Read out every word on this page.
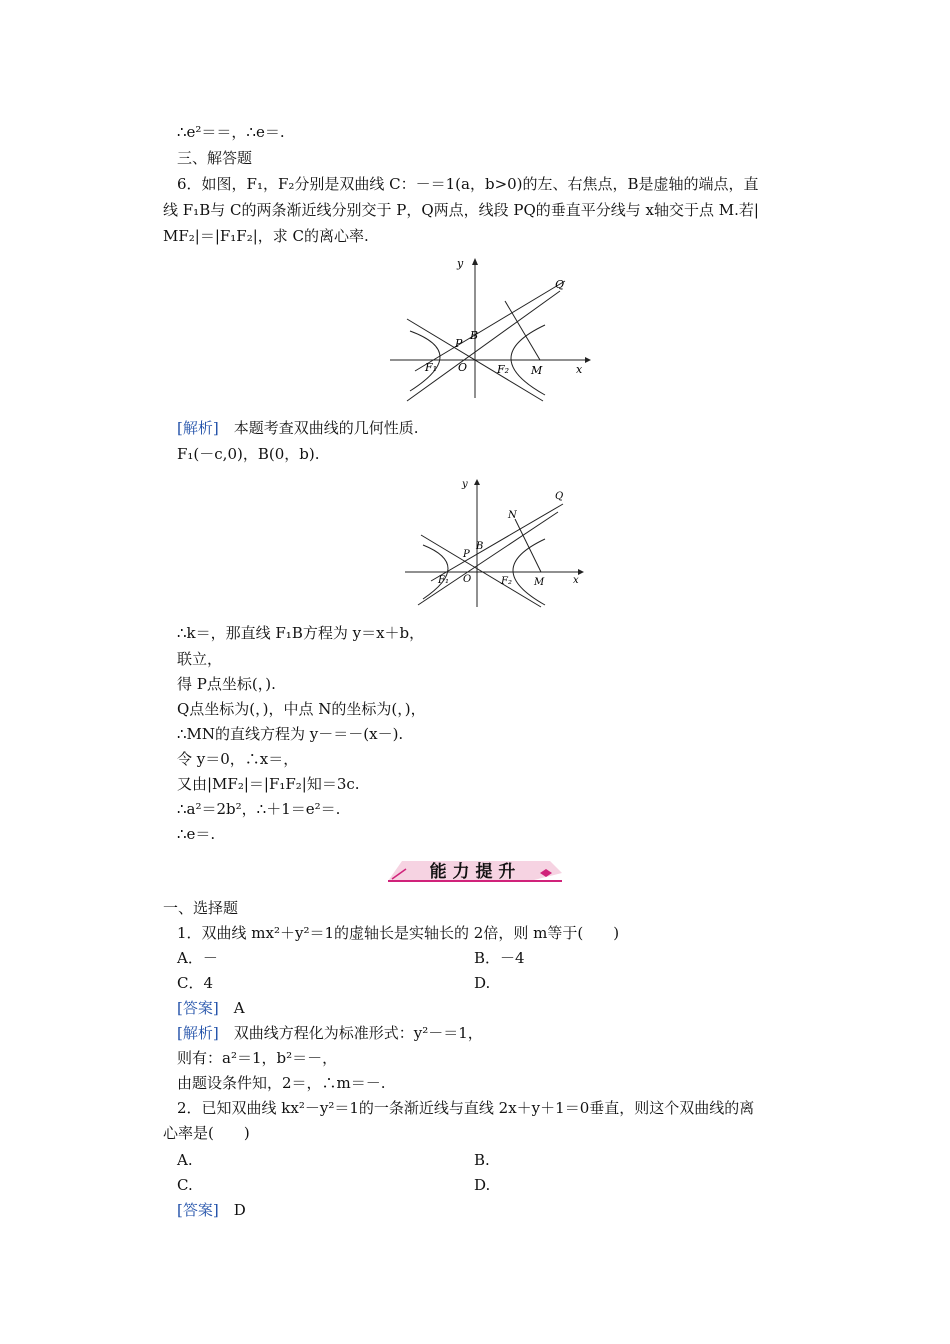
∴e²＝＝，∴e＝.
三、解答题
6．如图，F₁，F₂分别是双曲线 C：－＝1(a，b>0)的左、右焦点，B是虚轴的端点，直
线 F₁B与 C的两条渐近线分别交于 P，Q两点，线段 PQ的垂直平分线与 x轴交于点 M.若|
MF₂|＝|F₁F₂|，求 C的离心率.
y
x
Q
B
P
F₁ O	F₂ M
[解析]　本题考查双曲线的几何性质.
F₁(－c,0)，B(0，b).
y
x
Q
N
B
P
F₁ O	F₂ M
∴k＝，那直线 F₁B方程为 y＝x＋b，
联立，
得 P点坐标(，).
Q点坐标为(，)，中点 N的坐标为(，)，
∴MN的直线方程为 y－＝－(x－).
令 y＝0，∴x＝，
又由|MF₂|＝|F₁F₂|知＝3c.
∴a²＝2b²，∴＋1＝e²＝.
∴e＝.
能 力 提 升
一、选择题
1．双曲线 mx²＋y²＝1的虚轴长是实轴长的 2倍，则 m等于(　　)
A．－	B．－4
C．4	D.
[答案]　A
[解析]　双曲线方程化为标准形式：y²－＝1，
则有：a²＝1，b²＝－，
由题设条件知，2＝，∴m＝－.
2．已知双曲线 kx²－y²＝1的一条渐近线与直线 2x＋y＋1＝0垂直，则这个双曲线的离
心率是(　　)
A.	B.
C.	D.
[答案]　D
